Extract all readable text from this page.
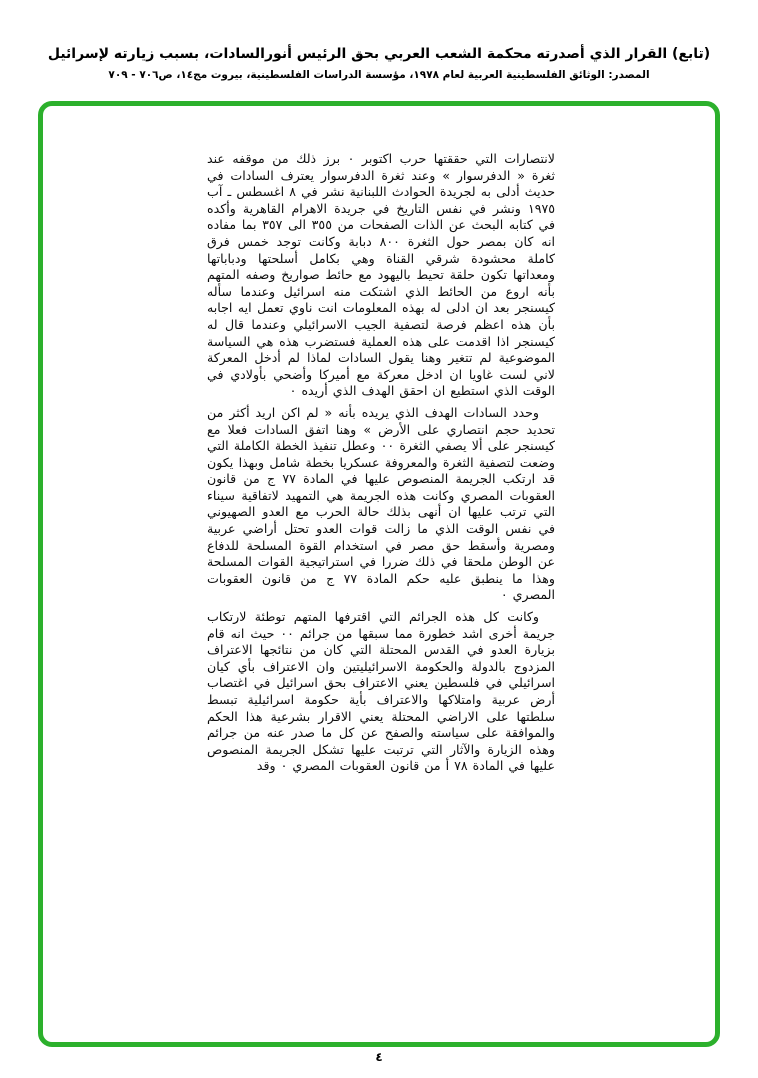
(تابع) القرار الذي أصدرته محكمة الشعب العربي بحق الرئيس أنورالسادات، بسبب زيارته لإسرائيل
المصدر: الوثائق الفلسطينية العربية لعام ١٩٧٨، مؤسسة الدراسات الفلسطينية، بيروت مج١٤، ص٧٠٦ - ٧٠٩

لانتصارات التي حققتها حرب اكتوبر ٠ برز ذلك من موقفه عند ثغرة « الدفرسوار » وعند ثغرة الدفرسوار يعترف السادات في حديث أدلى به لجريدة الحوادث اللبنانية نشر في ٨ اغسطس ـ آب ١٩٧٥ ونشر في نفس التاريخ في جريدة الاهرام القاهرية وأكده في كتابه البحث عن الذات الصفحات من ٣٥٥ الى ٣٥٧ بما مفاده انه كان بمصر حول الثغرة ٨٠٠ دبابة وكانت توجد خمس فرق كاملة محشودة شرقي القناة وهي بكامل أسلحتها ودباباتها ومعداتها تكون حلقة تحيط باليهود مع حائط صواريخ وصفه المتهم بأنه اروع من الحائط الذي اشتكت منه اسرائيل وعندما سأله كيسنجر بعد ان ادلى له بهذه المعلومات انت ناوي تعمل ايه اجابه بأن هذه اعظم فرصة لتصفية الجيب الاسرائيلي وعندما قال له كيسنجر اذا اقدمت على هذه العملية فستضرب هذه هي السياسة الموضوعية لم تتغير وهنا يقول السادات لماذا لم أدخل المعركة لاني لست غاويا ان ادخل معركة مع أميركا وأضحي بأولادي في الوقت الذي استطيع ان احقق الهدف الذي أريده ٠

وحدد السادات الهدف الذي يريده بأنه « لم اكن اريد أكثر من تحديد حجم انتصاري على الأرض » وهنا اتفق السادات فعلا مع كيسنجر على ألا يصفي الثغرة ٠٠ وعطل تنفيذ الخطة الكاملة التي وضعت لتصفية الثغرة والمعروفة عسكريا بخطة شامل وبهذا يكون قد ارتكب الجريمة المنصوص عليها في المادة ٧٧ ج من قانون العقوبات المصري وكانت هذه الجريمة هي التمهيد لاتفاقية سيناء التي ترتب عليها ان أنهى بذلك حالة الحرب مع العدو الصهيوني في نفس الوقت الذي ما زالت قوات العدو تحتل أراضي عربية ومصرية وأسقط حق مصر في استخدام القوة المسلحة للدفاع عن الوطن ملحقا في ذلك ضررا في استراتيجية القوات المسلحة وهذا ما ينطبق عليه حكم المادة ٧٧ ج من قانون العقوبات المصري ٠

وكانت كل هذه الجرائم التي اقترفها المتهم توطئة لارتكاب جريمة أخرى اشد خطورة مما سبقها من جرائم ٠٠ حيث انه قام بزيارة العدو في القدس المحتلة التي كان من نتائجها الاعتراف المزدوج بالدولة والحكومة الاسرائيليتين وان الاعتراف بأي كيان اسرائيلي في فلسطين يعني الاعتراف بحق اسرائيل في اغتصاب أرض عربية وامتلاكها والاعتراف بأية حكومة اسرائيلية تبسط سلطتها على الاراضي المحتلة يعني الاقرار بشرعية هذا الحكم والموافقة على سياسته والصفح عن كل ما صدر عنه من جرائم وهذه الزيارة والآثار التي ترتبت عليها تشكل الجريمة المنصوص عليها في المادة ٧٨ أ من قانون العقوبات المصري ٠ وقد

٤
